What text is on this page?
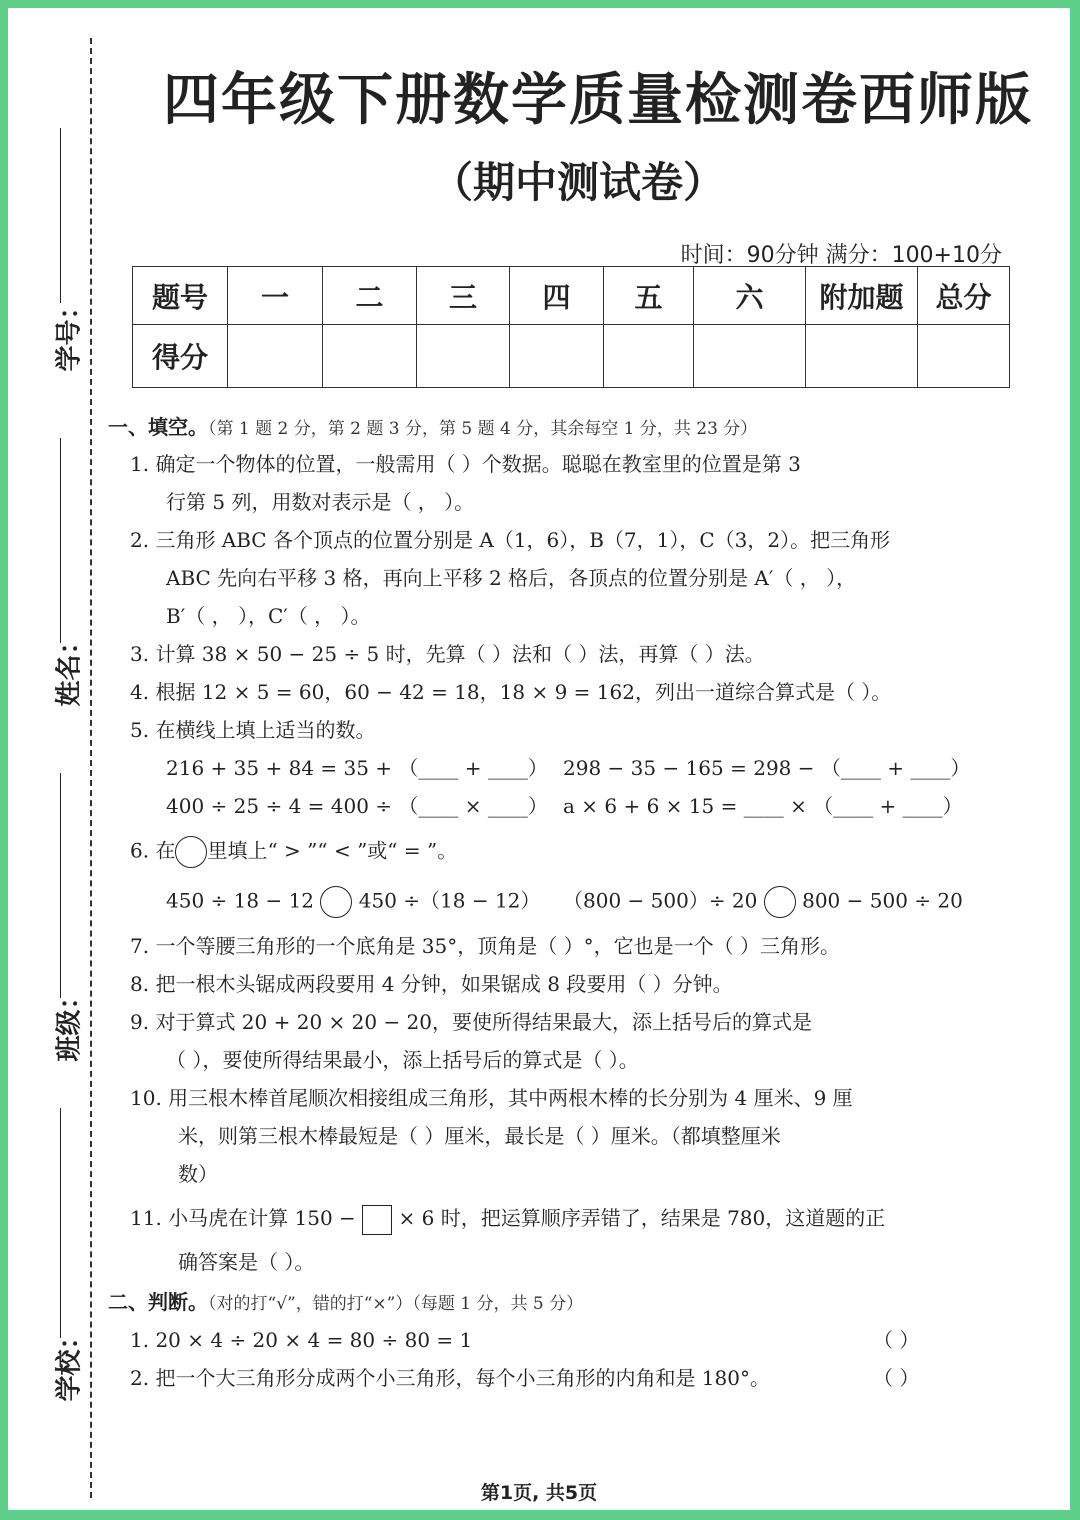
学号：
姓名：
班级：
学校：
四年级下册数学质量检测卷西师版
（期中测试卷）
时间：90分钟 满分：100+10分
题号	一	二	三	四	五	六	附加题	总分
得分								
一、填空。（第 1 题 2 分，第 2 题 3 分，第 5 题 4 分，其余每空 1 分，共 23 分）
1. 确定一个物体的位置，一般需用（ ）个数据。聪聪在教室里的位置是第 3
行第 5 列，用数对表示是（ ， ）。
2. 三角形 ABC 各个顶点的位置分别是 A（1，6），B（7，1），C（3，2）。把三角形
ABC 先向右平移 3 格，再向上平移 2 格后，各顶点的位置分别是 A′（ ， ），
B′（ ， ），C′（ ， ）。
3. 计算 38 × 50 − 25 ÷ 5 时，先算（ ）法和（ ）法，再算（ ）法。
4. 根据 12 × 5 = 60，60 − 42 = 18，18 × 9 = 162，列出一道综合算式是（ ）。
5. 在横线上填上适当的数。
216 + 35 + 84 = 35 + （____ + ____） 298 − 35 − 165 = 298 − （____ + ____）
400 ÷ 25 ÷ 4 = 400 ÷ （____ × ____） a × 6 + 6 × 15 = ____ × （____ + ____）
6. 在 里填上“ > ”“ < ”或“ = ”。
450 ÷ 18 − 12 450 ÷（18 − 12） （800 − 500）÷ 20 800 − 500 ÷ 20
7. 一个等腰三角形的一个底角是 35°，顶角是（ ）°，它也是一个（ ）三角形。
8. 把一根木头锯成两段要用 4 分钟，如果锯成 8 段要用（ ）分钟。
9. 对于算式 20 + 20 × 20 − 20，要使所得结果最大，添上括号后的算式是
（ ），要使所得结果最小，添上括号后的算式是（ ）。
10. 用三根木棒首尾顺次相接组成三角形，其中两根木棒的长分别为 4 厘米、9 厘
米，则第三根木棒最短是（ ）厘米，最长是（ ）厘米。（都填整厘米
数）
11. 小马虎在计算 150 − × 6 时，把运算顺序弄错了，结果是 780，这道题的正
确答案是（ ）。
二、判断。（对的打“√”，错的打“×”）（每题 1 分，共 5 分）
1. 20 × 4 ÷ 20 × 4 = 80 ÷ 80 = 1	（ ）
2. 把一个大三角形分成两个小三角形，每个小三角形的内角和是 180°。	（ ）
第1页, 共5页
